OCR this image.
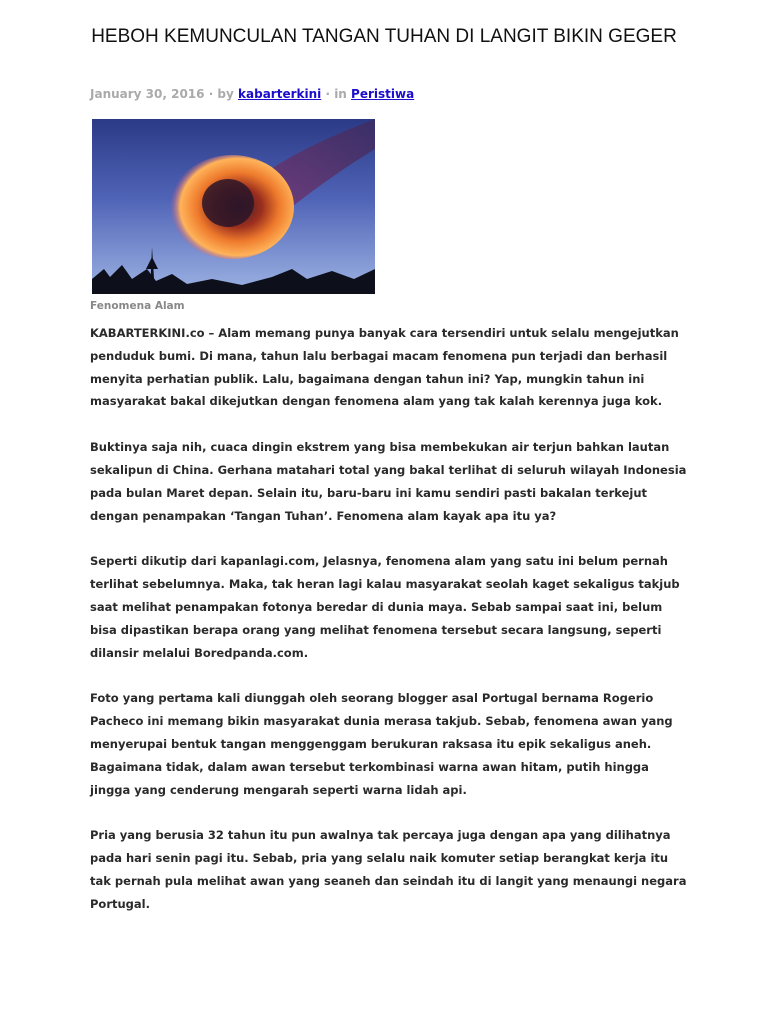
HEBOH KEMUNCULAN TANGAN TUHAN DI LANGIT BIKIN GEGER
January 30, 2016 · by kabarterkini · in Peristiwa
Fenomena Alam

KABARTERKINI.co – Alam memang punya banyak cara tersendiri untuk selalu mengejutkan penduduk bumi. Di mana, tahun lalu berbagai macam fenomena pun terjadi dan berhasil menyita perhatian publik. Lalu, bagaimana dengan tahun ini? Yap, mungkin tahun ini masyarakat bakal dikejutkan dengan fenomena alam yang tak kalah kerennya juga kok.

Buktinya saja nih, cuaca dingin ekstrem yang bisa membekukan air terjun bahkan lautan sekalipun di China. Gerhana matahari total yang bakal terlihat di seluruh wilayah Indonesia pada bulan Maret depan. Selain itu, baru-baru ini kamu sendiri pasti bakalan terkejut dengan penampakan ‘Tangan Tuhan’. Fenomena alam kayak apa itu ya?

Seperti dikutip dari kapanlagi.com, Jelasnya, fenomena alam yang satu ini belum pernah terlihat sebelumnya. Maka, tak heran lagi kalau masyarakat seolah kaget sekaligus takjub saat melihat penampakan fotonya beredar di dunia maya. Sebab sampai saat ini, belum bisa dipastikan berapa orang yang melihat fenomena tersebut secara langsung, seperti dilansir melalui Boredpanda.com.

Foto yang pertama kali diunggah oleh seorang blogger asal Portugal bernama Rogerio Pacheco ini memang bikin masyarakat dunia merasa takjub. Sebab, fenomena awan yang menyerupai bentuk tangan menggenggam berukuran raksasa itu epik sekaligus aneh. Bagaimana tidak, dalam awan tersebut terkombinasi warna awan hitam, putih hingga jingga yang cenderung mengarah seperti warna lidah api.

Pria yang berusia 32 tahun itu pun awalnya tak percaya juga dengan apa yang dilihatnya pada hari senin pagi itu. Sebab, pria yang selalu naik komuter setiap berangkat kerja itu tak pernah pula melihat awan yang seaneh dan seindah itu di langit yang menaungi negara Portugal.
